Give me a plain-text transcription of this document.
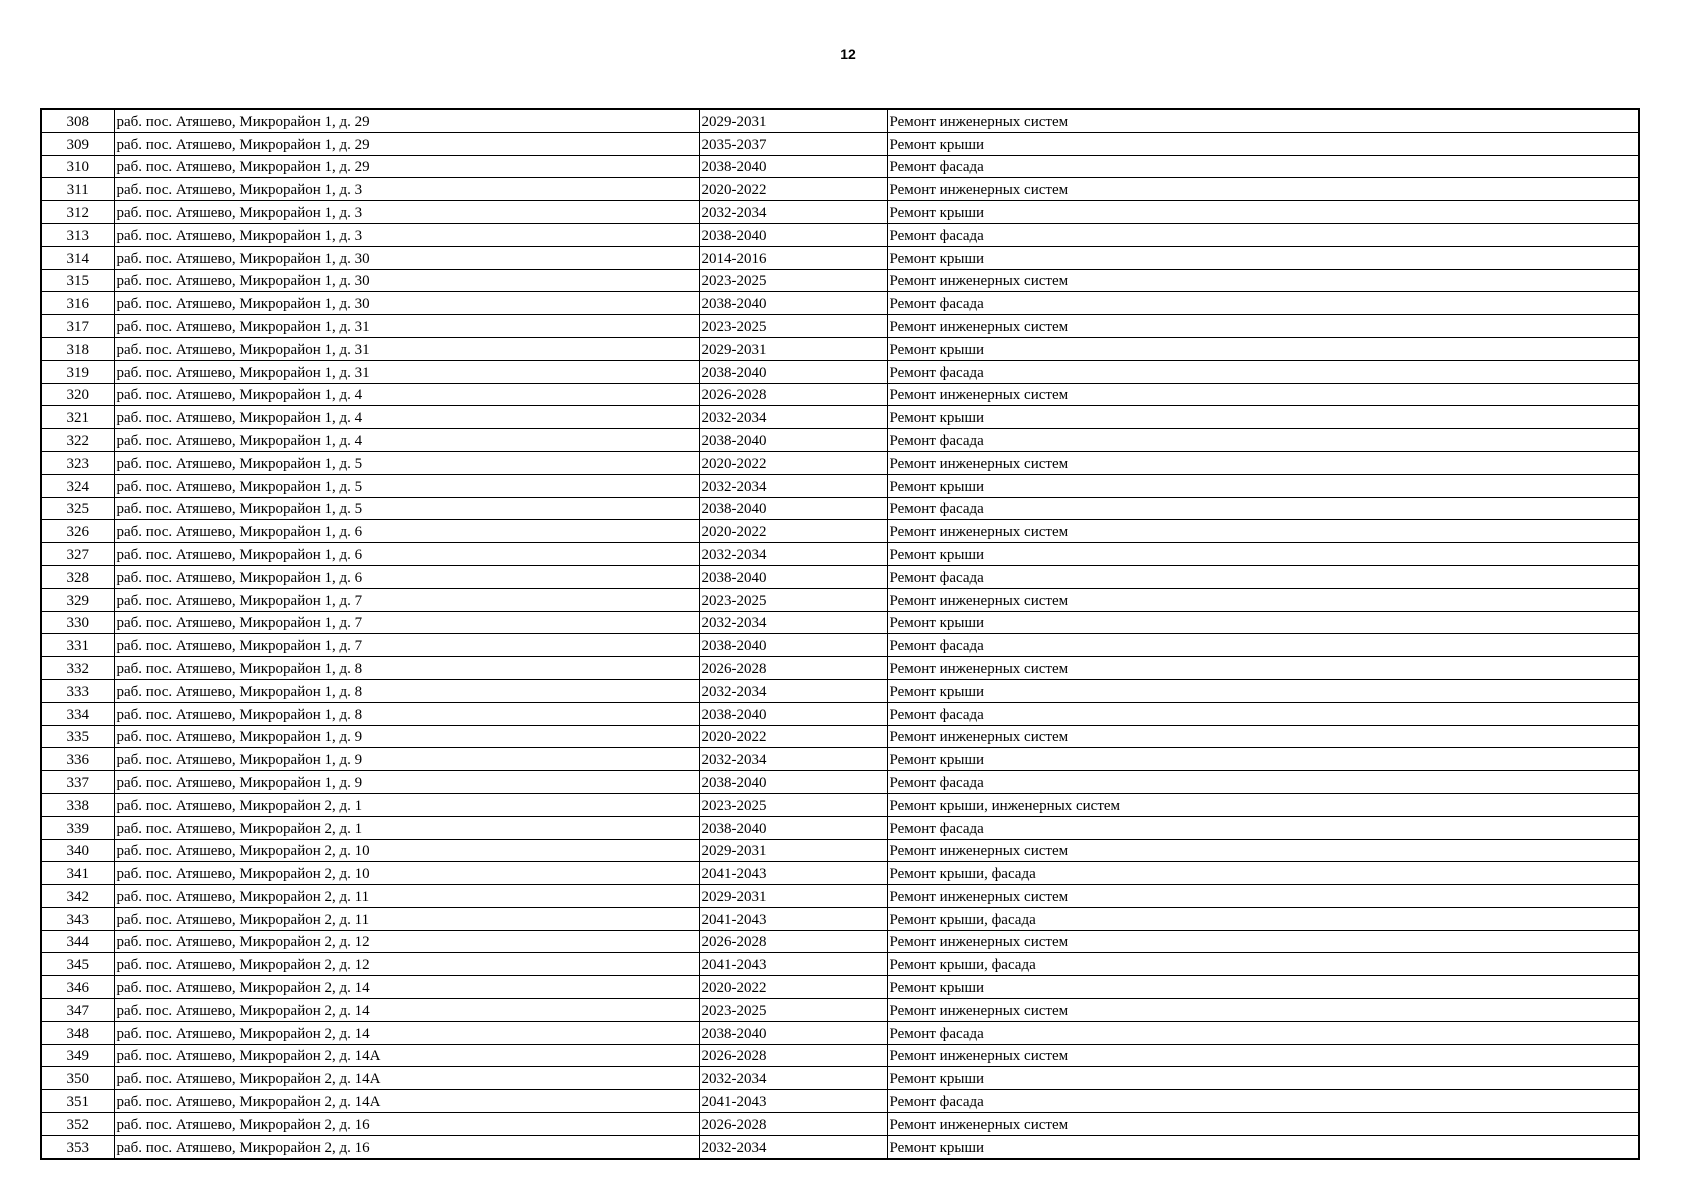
12
308	раб. пос. Атяшево, Микрорайон 1, д. 29	2029-2031	Ремонт инженерных систем
309	раб. пос. Атяшево, Микрорайон 1, д. 29	2035-2037	Ремонт крыши
310	раб. пос. Атяшево, Микрорайон 1, д. 29	2038-2040	Ремонт фасада
311	раб. пос. Атяшево, Микрорайон 1, д. 3	2020-2022	Ремонт инженерных систем
312	раб. пос. Атяшево, Микрорайон 1, д. 3	2032-2034	Ремонт крыши
313	раб. пос. Атяшево, Микрорайон 1, д. 3	2038-2040	Ремонт фасада
314	раб. пос. Атяшево, Микрорайон 1, д. 30	2014-2016	Ремонт крыши
315	раб. пос. Атяшево, Микрорайон 1, д. 30	2023-2025	Ремонт инженерных систем
316	раб. пос. Атяшево, Микрорайон 1, д. 30	2038-2040	Ремонт фасада
317	раб. пос. Атяшево, Микрорайон 1, д. 31	2023-2025	Ремонт инженерных систем
318	раб. пос. Атяшево, Микрорайон 1, д. 31	2029-2031	Ремонт крыши
319	раб. пос. Атяшево, Микрорайон 1, д. 31	2038-2040	Ремонт фасада
320	раб. пос. Атяшево, Микрорайон 1, д. 4	2026-2028	Ремонт инженерных систем
321	раб. пос. Атяшево, Микрорайон 1, д. 4	2032-2034	Ремонт крыши
322	раб. пос. Атяшево, Микрорайон 1, д. 4	2038-2040	Ремонт фасада
323	раб. пос. Атяшево, Микрорайон 1, д. 5	2020-2022	Ремонт инженерных систем
324	раб. пос. Атяшево, Микрорайон 1, д. 5	2032-2034	Ремонт крыши
325	раб. пос. Атяшево, Микрорайон 1, д. 5	2038-2040	Ремонт фасада
326	раб. пос. Атяшево, Микрорайон 1, д. 6	2020-2022	Ремонт инженерных систем
327	раб. пос. Атяшево, Микрорайон 1, д. 6	2032-2034	Ремонт крыши
328	раб. пос. Атяшево, Микрорайон 1, д. 6	2038-2040	Ремонт фасада
329	раб. пос. Атяшево, Микрорайон 1, д. 7	2023-2025	Ремонт инженерных систем
330	раб. пос. Атяшево, Микрорайон 1, д. 7	2032-2034	Ремонт крыши
331	раб. пос. Атяшево, Микрорайон 1, д. 7	2038-2040	Ремонт фасада
332	раб. пос. Атяшево, Микрорайон 1, д. 8	2026-2028	Ремонт инженерных систем
333	раб. пос. Атяшево, Микрорайон 1, д. 8	2032-2034	Ремонт крыши
334	раб. пос. Атяшево, Микрорайон 1, д. 8	2038-2040	Ремонт фасада
335	раб. пос. Атяшево, Микрорайон 1, д. 9	2020-2022	Ремонт инженерных систем
336	раб. пос. Атяшево, Микрорайон 1, д. 9	2032-2034	Ремонт крыши
337	раб. пос. Атяшево, Микрорайон 1, д. 9	2038-2040	Ремонт фасада
338	раб. пос. Атяшево, Микрорайон 2, д. 1	2023-2025	Ремонт крыши, инженерных систем
339	раб. пос. Атяшево, Микрорайон 2, д. 1	2038-2040	Ремонт фасада
340	раб. пос. Атяшево, Микрорайон 2, д. 10	2029-2031	Ремонт инженерных систем
341	раб. пос. Атяшево, Микрорайон 2, д. 10	2041-2043	Ремонт крыши, фасада
342	раб. пос. Атяшево, Микрорайон 2, д. 11	2029-2031	Ремонт инженерных систем
343	раб. пос. Атяшево, Микрорайон 2, д. 11	2041-2043	Ремонт крыши, фасада
344	раб. пос. Атяшево, Микрорайон 2, д. 12	2026-2028	Ремонт инженерных систем
345	раб. пос. Атяшево, Микрорайон 2, д. 12	2041-2043	Ремонт крыши, фасада
346	раб. пос. Атяшево, Микрорайон 2, д. 14	2020-2022	Ремонт крыши
347	раб. пос. Атяшево, Микрорайон 2, д. 14	2023-2025	Ремонт инженерных систем
348	раб. пос. Атяшево, Микрорайон 2, д. 14	2038-2040	Ремонт фасада
349	раб. пос. Атяшево, Микрорайон 2, д. 14А	2026-2028	Ремонт инженерных систем
350	раб. пос. Атяшево, Микрорайон 2, д. 14А	2032-2034	Ремонт крыши
351	раб. пос. Атяшево, Микрорайон 2, д. 14А	2041-2043	Ремонт фасада
352	раб. пос. Атяшево, Микрорайон 2, д. 16	2026-2028	Ремонт инженерных систем
353	раб. пос. Атяшево, Микрорайон 2, д. 16	2032-2034	Ремонт крыши
